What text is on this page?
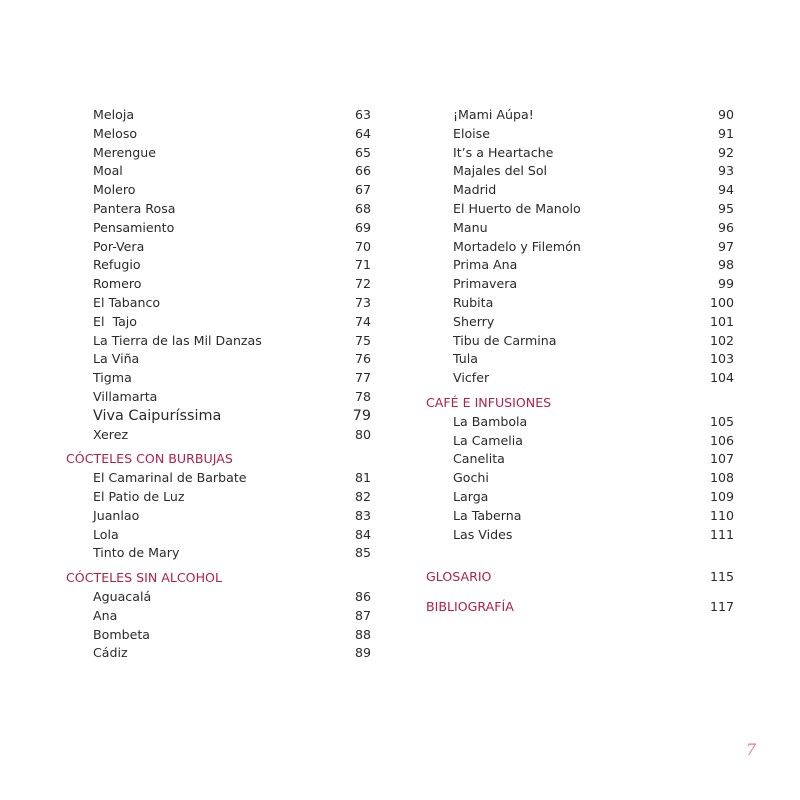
Meloja	63
Meloso	64
Merengue	65
Moal	66
Molero	67
Pantera Rosa	68
Pensamiento	69
Por-Vera	70
Refugio	71
Romero	72
El Tabanco	73
El  Tajo	74
La Tierra de las Mil Danzas	75
La Viña	76
Tigma	77
Villamarta	78
Viva Caipuríssima	79
Xerez	80
CÓCTELES CON BURBUJAS
El Camarinal de Barbate	81
El Patio de Luz	82
Juanlao	83
Lola	84
Tinto de Mary	85
CÓCTELES SIN ALCOHOL
Aguacalá	86
Ana	87
Bombeta	88
Cádiz	89
¡Mami Aúpa!	90
Eloise	91
It’s a Heartache	92
Majales del Sol	93
Madrid	94
El Huerto de Manolo	95
Manu	96
Mortadelo y Filemón	97
Prima Ana	98
Primavera	99
Rubita	100
Sherry	101
Tibu de Carmina	102
Tula	103
Vicfer	104
CAFÉ E INFUSIONES
La Bambola	105
La Camelia	106
Canelita	107
Gochi	108
Larga	109
La Taberna	110
Las Vides	111
GLOSARIO	115
BIBLIOGRAFÍA	117
7
